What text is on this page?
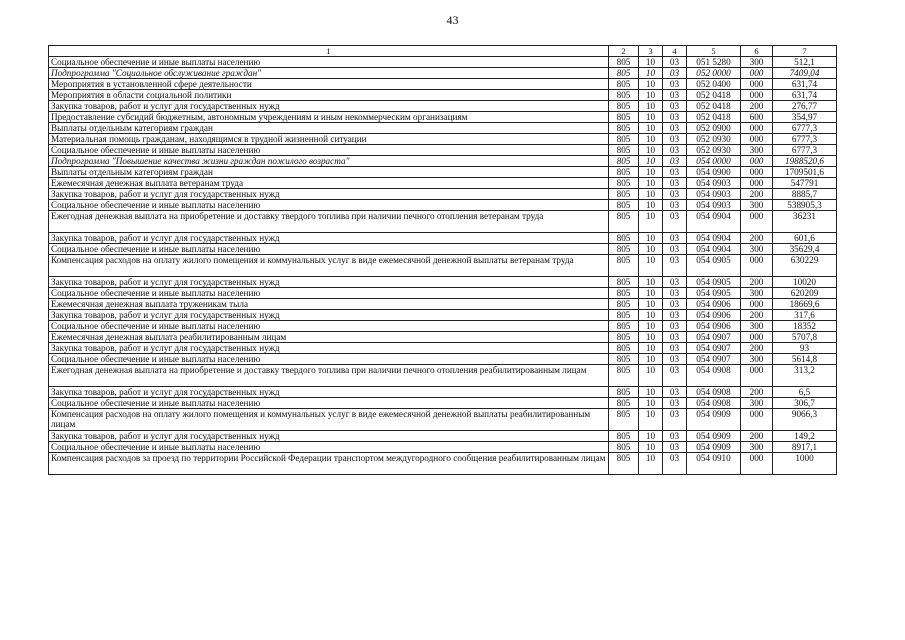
43
1	2	3	4	5	6	7
Социальное обеспечение и иные выплаты населению	805	10	03	051 5280	300	512,1
Подпрограмма "Социальное обслуживание граждан"	805	10	03	052 0000	000	7409,04
Мероприятия в установленной сфере деятельности	805	10	03	052 0400	000	631,74
Мероприятия в области социальной политики	805	10	03	052 0418	000	631,74
Закупка товаров, работ и услуг для государственных нужд	805	10	03	052 0418	200	276,77
Предоставление субсидий бюджетным, автономным учреждениям и иным некоммерческим организациям	805	10	03	052 0418	600	354,97
Выплаты отдельным категориям граждан	805	10	03	052 0900	000	6777,3
Материальная помощь гражданам, находящимся в трудной жизненной ситуации	805	10	03	052 0930	000	6777,3
Социальное обеспечение и иные выплаты населению	805	10	03	052 0930	300	6777,3
Подпрограмма "Повышение качества жизни граждан пожилого возраста"	805	10	03	054 0000	000	1988520,6
Выплаты отдельным категориям граждан	805	10	03	054 0900	000	1709501,6
Ежемесячная денежная выплата ветеранам труда	805	10	03	054 0903	000	547791
Закупка товаров, работ и услуг для государственных нужд	805	10	03	054 0903	200	8885,7
Социальное обеспечение и иные выплаты населению	805	10	03	054 0903	300	538905,3
Ежегодная денежная выплата на приобретение и доставку твердого топлива при наличии печного отопления ветеранам труда	805	10	03	054 0904	000	36231
Закупка товаров, работ и услуг для государственных нужд	805	10	03	054 0904	200	601,6
Социальное обеспечение и иные выплаты населению	805	10	03	054 0904	300	35629,4
Компенсация расходов на оплату жилого помещения и коммунальных услуг в виде ежемесячной денежной выплаты ветеранам труда	805	10	03	054 0905	000	630229
Закупка товаров, работ и услуг для государственных нужд	805	10	03	054 0905	200	10020
Социальное обеспечение и иные выплаты населению	805	10	03	054 0905	300	620209
Ежемесячная денежная выплата труженикам тыла	805	10	03	054 0906	000	18669,6
Закупка товаров, работ и услуг для государственных нужд	805	10	03	054 0906	200	317,6
Социальное обеспечение и иные выплаты населению	805	10	03	054 0906	300	18352
Ежемесячная денежная выплата реабилитированным лицам	805	10	03	054 0907	000	5707,8
Закупка товаров, работ и услуг для государственных нужд	805	10	03	054 0907	200	93
Социальное обеспечение и иные выплаты населению	805	10	03	054 0907	300	5614,8
Ежегодная денежная выплата на приобретение и доставку твердого топлива при наличии печного отопления реабилитированным лицам	805	10	03	054 0908	000	313,2
Закупка товаров, работ и услуг для государственных нужд	805	10	03	054 0908	200	6,5
Социальное обеспечение и иные выплаты населению	805	10	03	054 0908	300	306,7
Компенсация расходов на оплату жилого помещения и коммунальных услуг в виде ежемесячной денежной выплаты реабилитированным лицам	805	10	03	054 0909	000	9066,3
Закупка товаров, работ и услуг для государственных нужд	805	10	03	054 0909	200	149,2
Социальное обеспечение и иные выплаты населению	805	10	03	054 0909	300	8917,1
Компенсация расходов за проезд по территории Российской Федерации транспортом междугородного сообщения реабилитированным лицам	805	10	03	054 0910	000	1000
